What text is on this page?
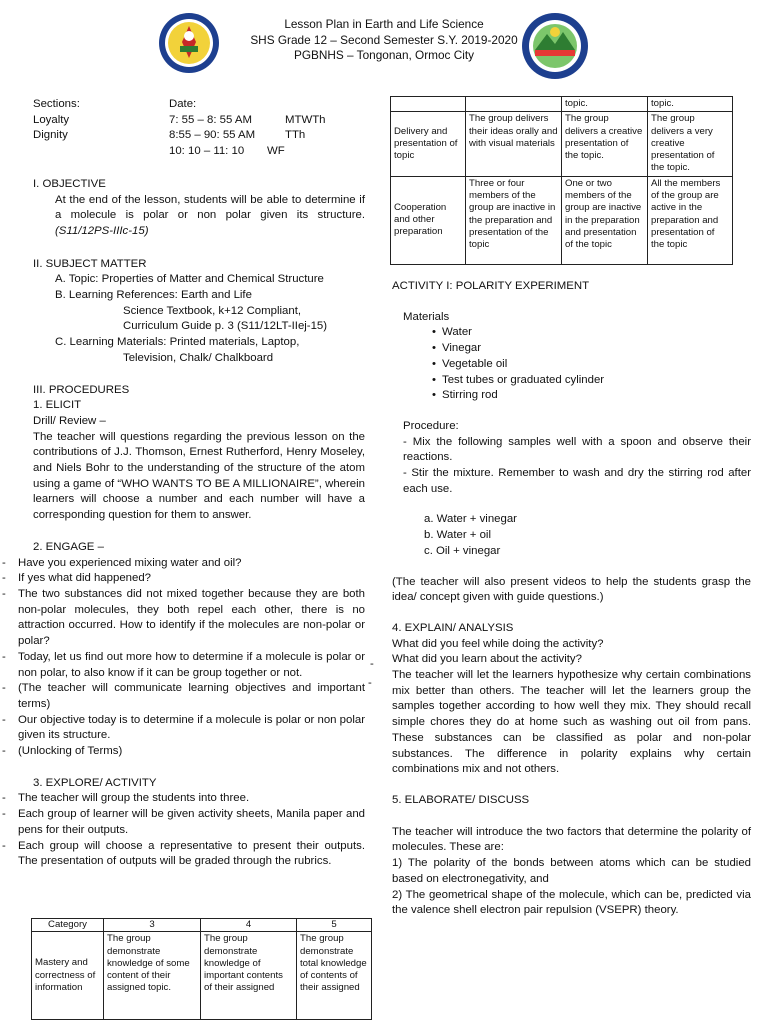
Lesson Plan in Earth and Life Science
SHS Grade 12 – Second Semester S.Y. 2019-2020
PGBNHS – Tongonan, Ormoc City
Sections:	Date:
Loyalty	7: 55 – 8: 55 AM	MTWTh
Dignity	8:55 – 90: 55 AM	TTh
10: 10 – 11: 10	WF
I. OBJECTIVE

At the end of the lesson, students will be able to determine if a molecule is polar or non polar given its structure. (S11/12PS-IIIc-15)

II. SUBJECT MATTER
A. Topic: Properties of Matter and Chemical Structure
B. Learning References: Earth and Life
Science Textbook, k+12 Compliant,
Curriculum Guide p. 3 (S11/12LT-IIej-15)
C. Learning Materials: Printed materials, Laptop,
Television, Chalk/ Chalkboard
III. PROCEDURES
1. ELICIT
Drill/ Review –

The teacher will questions regarding the previous lesson on the contributions of J.J. Thomson, Ernest Rutherford, Henry Moseley, and Niels Bohr to the understanding of the structure of the atom using a game of “WHO WANTS TO BE A MILLIONAIRE”, wherein learners will choose a number and each number will have a corresponding question for them to answer.

2. ENGAGE –
-	Have you experienced mixing water and oil?
-	If yes what did happened?
-	The two substances did not mixed together because they are both non-polar molecules, they both repel each other, there is no attraction occurred. How to identify if the molecules are non-polar or polar?
-	Today, let us find out more how to determine if a molecule is polar or non polar, to also know if it can be group together or not.
-	(The teacher will communicate learning objectives and important terms)
-	Our objective today is to determine if a molecule is polar or non polar given its structure.
-	(Unlocking of Terms)
3. EXPLORE/ ACTIVITY
-	The teacher will group the students into three.
-	Each group of learner will be given activity sheets, Manila paper and pens for their outputs.
-	Each group will choose a representative to present their outputs. The presentation of outputs will be graded through the rubrics.
-
-
Category	3	4	5
Mastery and correctness of information	The group demonstrate knowledge of some content of their assigned topic.	The group demonstrate knowledge of important contents of their assigned	The group demonstrate total knowledge of contents of their assigned
		topic.	topic.
Delivery and presentation of topic	The group delivers their ideas orally and with visual materials	The group delivers a creative presentation of the topic.	The group delivers a very creative presentation of the topic.
Cooperation and other preparation	Three or four members of the group are inactive in the preparation and presentation of the topic	One or two members of the group are inactive in the preparation and presentation of the topic	All the members of the group are active in the preparation and presentation of the topic
ACTIVITY I: POLARITY EXPERIMENT
Materials
• Water
• Vinegar
• Vegetable oil
• Test tubes or graduated cylinder
• Stirring rod
Procedure:

- Mix the following samples well with a spoon and observe their reactions.

- Stir the mixture. Remember to wash and dry the stirring rod after each use.

a. Water + vinegar
b. Water + oil
c. Oil + vinegar

(The teacher will also present videos to help the students grasp the idea/ concept given with guide questions.)

4. EXPLAIN/ ANALYSIS
What did you feel while doing the activity?
What did you learn about the activity?

The teacher will let the learners hypothesize why certain combinations mix better than others. The teacher will let the learners group the samples together according to how well they mix. They should recall simple chores they do at home such as washing out oil from pans. These substances can be classified as polar and non-polar substances. The difference in polarity explains why certain combinations mix and not others.

5. ELABORATE/ DISCUSS

The teacher will introduce the two factors that determine the polarity of molecules. These are:

1) The polarity of the bonds between atoms which can be studied based on electronegativity, and

2) The geometrical shape of the molecule, which can be, predicted via the valence shell electron pair repulsion (VSEPR) theory.
